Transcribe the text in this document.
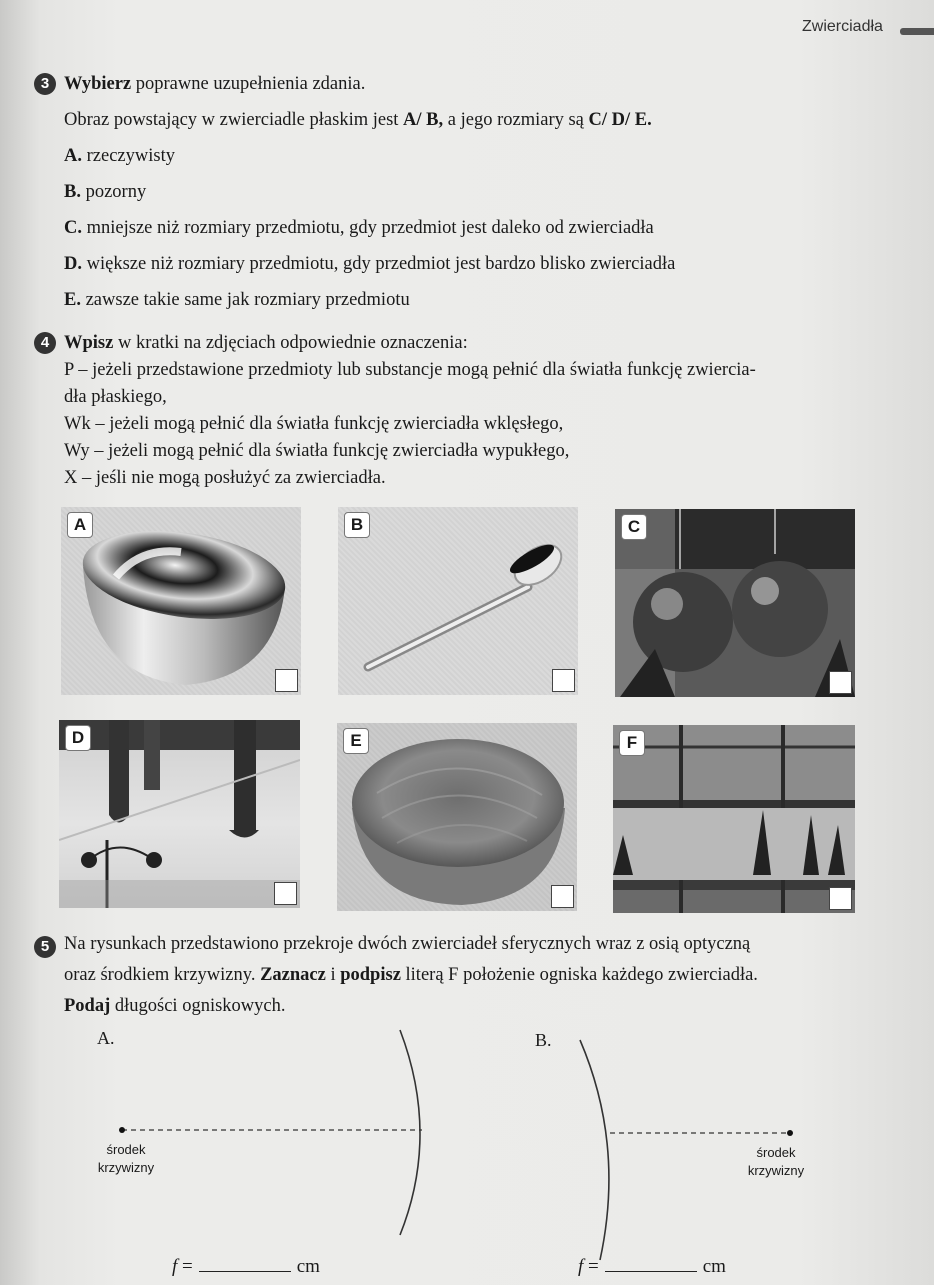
Zwierciadła
3 Wybierz poprawne uzupełnienia zdania.
Obraz powstający w zwierciadle płaskim jest A/ B, a jego rozmiary są C/ D/ E.
A. rzeczywisty
B. pozorny
C. mniejsze niż rozmiary przedmiotu, gdy przedmiot jest daleko od zwierciadła
D. większe niż rozmiary przedmiotu, gdy przedmiot jest bardzo blisko zwierciadła
E. zawsze takie same jak rozmiary przedmiotu
4 Wpisz w kratki na zdjęciach odpowiednie oznaczenia:
P – jeżeli przedstawione przedmioty lub substancje mogą pełnić dla światła funkcję zwiercia-
dła płaskiego,
Wk – jeżeli mogą pełnić dla światła funkcję zwierciadła wklęsłego,
Wy – jeżeli mogą pełnić dla światła funkcję zwierciadła wypukłego,
X – jeśli nie mogą posłużyć za zwierciadła.
A	B	C
D	E	F
5 Na rysunkach przedstawiono przekroje dwóch zwierciadeł sferycznych wraz z osią optyczną
oraz środkiem krzywizny. Zaznacz i podpisz literą F położenie ogniska każdego zwierciadła.
Podaj długości ogniskowych.
A.
środek
krzywizny
f =	cm
B.
środek
krzywizny
f =	cm
